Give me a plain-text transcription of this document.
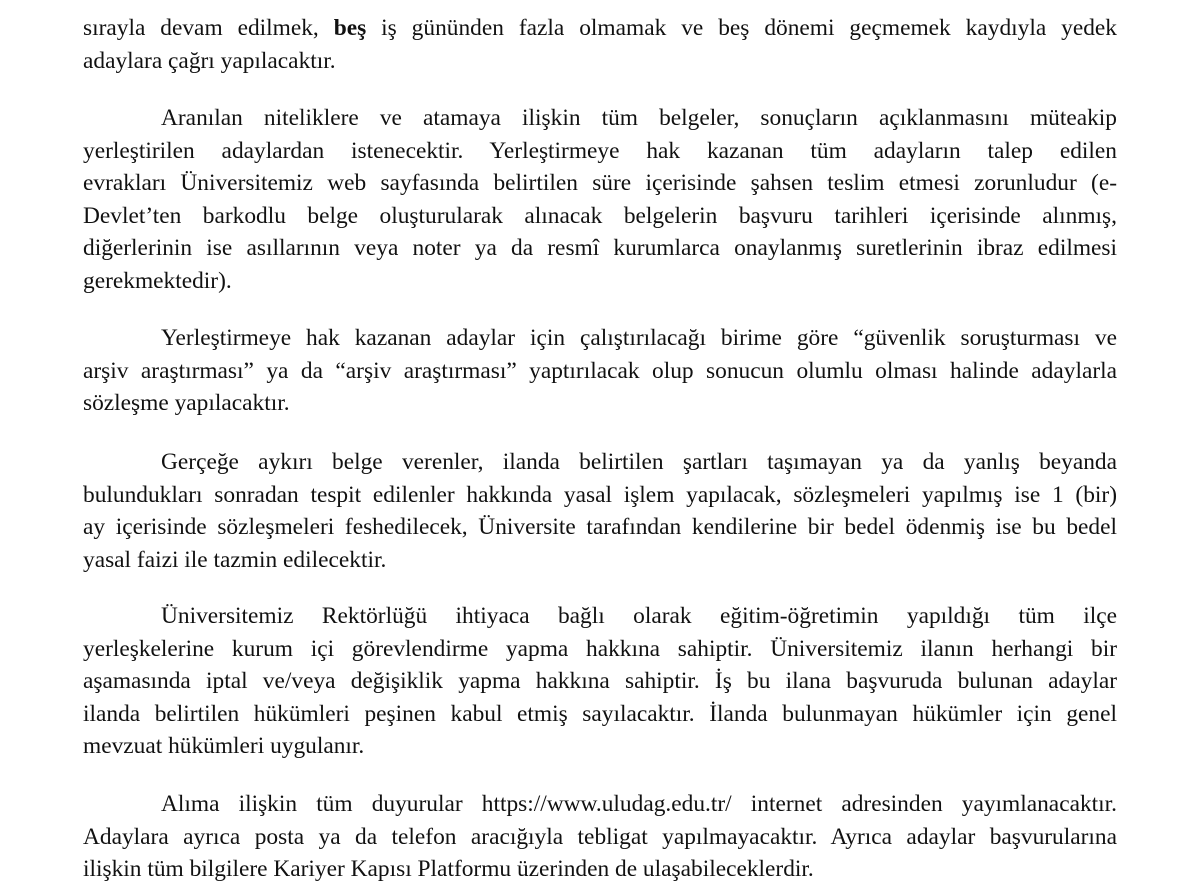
sırayla devam edilmek, beş iş gününden fazla olmamak ve beş dönemi geçmemek kaydıyla yedek
adaylara çağrı yapılacaktır.
Aranılan niteliklere ve atamaya ilişkin tüm belgeler, sonuçların açıklanmasını müteakip
yerleştirilen adaylardan istenecektir. Yerleştirmeye hak kazanan tüm adayların talep edilen
evrakları Üniversitemiz web sayfasında belirtilen süre içerisinde şahsen teslim etmesi zorunludur (e-
Devlet’ten barkodlu belge oluşturularak alınacak belgelerin başvuru tarihleri içerisinde alınmış,
diğerlerinin ise asıllarının veya noter ya da resmî kurumlarca onaylanmış suretlerinin ibraz edilmesi
gerekmektedir).
Yerleştirmeye hak kazanan adaylar için çalıştırılacağı birime göre “güvenlik soruşturması ve
arşiv araştırması” ya da “arşiv araştırması” yaptırılacak olup sonucun olumlu olması halinde adaylarla
sözleşme yapılacaktır.
Gerçeğe aykırı belge verenler, ilanda belirtilen şartları taşımayan ya da yanlış beyanda
bulundukları sonradan tespit edilenler hakkında yasal işlem yapılacak, sözleşmeleri yapılmış ise 1 (bir)
ay içerisinde sözleşmeleri feshedilecek, Üniversite tarafından kendilerine bir bedel ödenmiş ise bu bedel
yasal faizi ile tazmin edilecektir.
Üniversitemiz Rektörlüğü ihtiyaca bağlı olarak eğitim-öğretimin yapıldığı tüm ilçe
yerleşkelerine kurum içi görevlendirme yapma hakkına sahiptir. Üniversitemiz ilanın herhangi bir
aşamasında iptal ve/veya değişiklik yapma hakkına sahiptir. İş bu ilana başvuruda bulunan adaylar
ilanda belirtilen hükümleri peşinen kabul etmiş sayılacaktır. İlanda bulunmayan hükümler için genel
mevzuat hükümleri uygulanır.
Alıma ilişkin tüm duyurular https://www.uludag.edu.tr/ internet adresinden yayımlanacaktır.
Adaylara ayrıca posta ya da telefon aracığıyla tebligat yapılmayacaktır. Ayrıca adaylar başvurularına
ilişkin tüm bilgilere Kariyer Kapısı Platformu üzerinden de ulaşabileceklerdir.
